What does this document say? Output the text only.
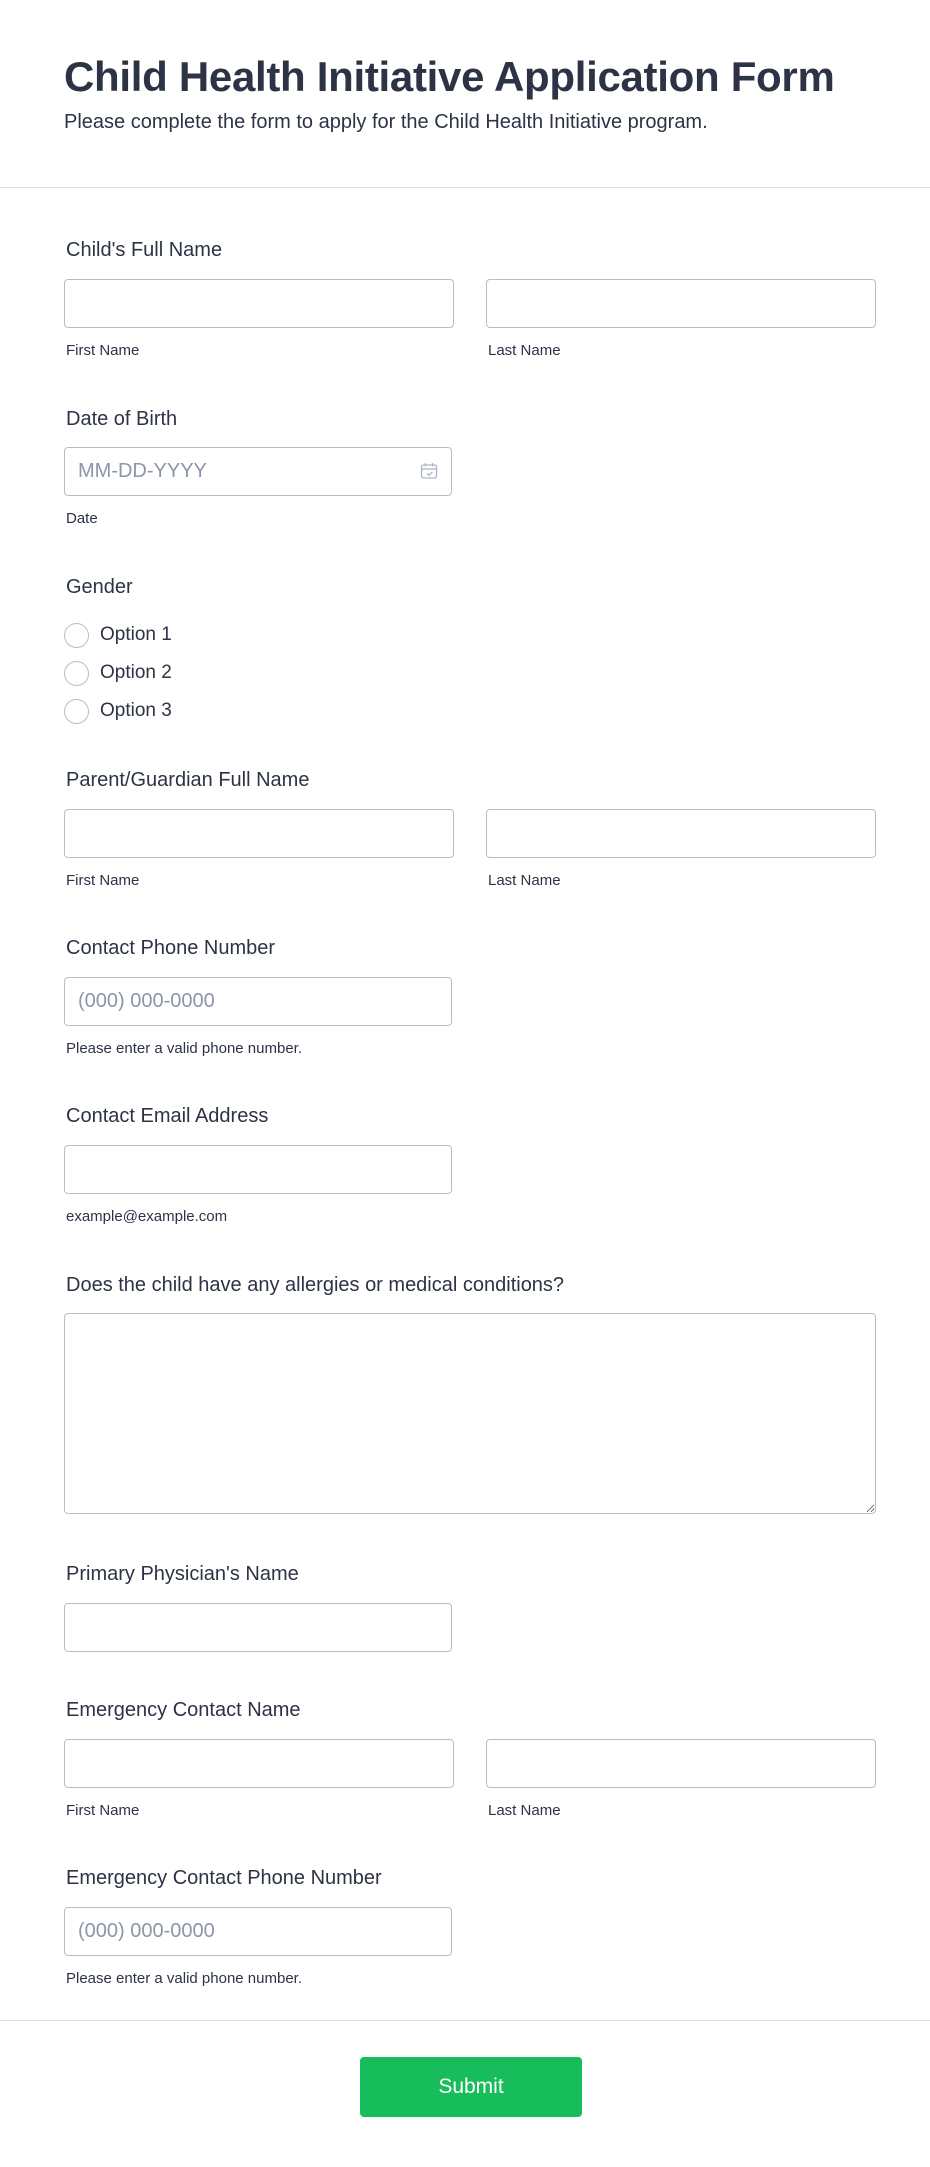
Child Health Initiative Application Form

Please complete the form to apply for the Child Health Initiative program.

Child's Full Name
First Name	Last Name
Date of Birth
MM-DD-YYYY
Date
Gender
Option 1
Option 2
Option 3
Parent/Guardian Full Name
First Name	Last Name
Contact Phone Number
(000) 000-0000
Please enter a valid phone number.
Contact Email Address
example@example.com
Does the child have any allergies or medical conditions?
Primary Physician's Name
Emergency Contact Name
First Name	Last Name
Emergency Contact Phone Number
(000) 000-0000
Please enter a valid phone number.
Submit
